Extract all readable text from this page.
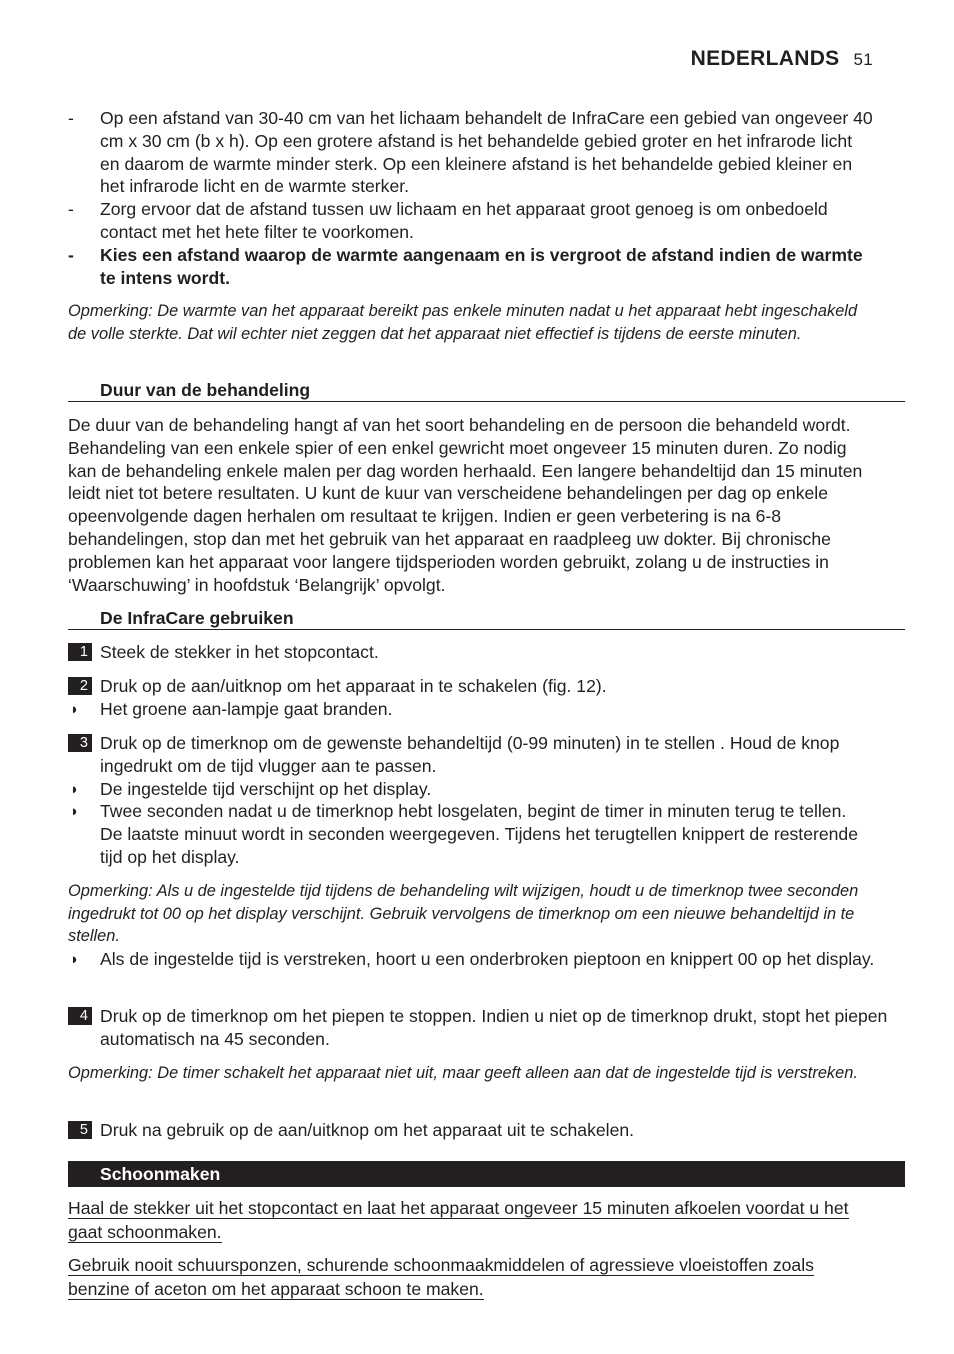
NEDERLANDS 51
- Op een afstand van 30-40 cm van het lichaam behandelt de InfraCare een gebied van ongeveer 40 cm x 30 cm (b x h). Op een grotere afstand is het behandelde gebied groter en het infrarode licht en daarom de warmte minder sterk. Op een kleinere afstand is het behandelde gebied kleiner en het infrarode licht en de warmte sterker.
- Zorg ervoor dat de afstand tussen uw lichaam en het apparaat groot genoeg is om onbedoeld contact met het hete filter te voorkomen.
- Kies een afstand waarop de warmte aangenaam en is vergroot de afstand indien de warmte te intens wordt.
Opmerking: De warmte van het apparaat bereikt pas enkele minuten nadat u het apparaat hebt ingeschakeld de volle sterkte. Dat wil echter niet zeggen dat het apparaat niet effectief is tijdens de eerste minuten.
Duur van de behandeling
De duur van de behandeling hangt af van het soort behandeling en de persoon die behandeld wordt. Behandeling van een enkele spier of een enkel gewricht moet ongeveer 15 minuten duren. Zo nodig kan de behandeling enkele malen per dag worden herhaald. Een langere behandeltijd dan 15 minuten leidt niet tot betere resultaten. U kunt de kuur van verscheidene behandelingen per dag op enkele opeenvolgende dagen herhalen om resultaat te krijgen. Indien er geen verbetering is na 6-8 behandelingen, stop dan met het gebruik van het apparaat en raadpleeg uw dokter. Bij chronische problemen kan het apparaat voor langere tijdsperioden worden gebruikt, zolang u de instructies in ‘Waarschuwing’ in hoofdstuk ‘Belangrijk’ opvolgt.
De InfraCare gebruiken
1 Steek de stekker in het stopcontact.
2 Druk op de aan/uitknop om het apparaat in te schakelen (fig. 12).
◗ Het groene aan-lampje gaat branden.
3 Druk op de timerknop om de gewenste behandeltijd (0-99 minuten) in te stellen . Houd de knop ingedrukt om de tijd vlugger aan te passen.
◗ De ingestelde tijd verschijnt op het display.
◗ Twee seconden nadat u de timerknop hebt losgelaten, begint de timer in minuten terug te tellen. De laatste minuut wordt in seconden weergegeven. Tijdens het terugtellen knippert de resterende tijd op het display.
Opmerking: Als u de ingestelde tijd tijdens de behandeling wilt wijzigen, houdt u de timerknop twee seconden ingedrukt tot 00 op het display verschijnt. Gebruik vervolgens de timerknop om een nieuwe behandeltijd in te stellen.
◗ Als de ingestelde tijd is verstreken, hoort u een onderbroken pieptoon en knippert 00 op het display.
4 Druk op de timerknop om het piepen te stoppen. Indien u niet op de timerknop drukt, stopt het piepen automatisch na 45 seconden.
Opmerking: De timer schakelt het apparaat niet uit, maar geeft alleen aan dat de ingestelde tijd is verstreken.
5 Druk na gebruik op de aan/uitknop om het apparaat uit te schakelen.
Schoonmaken
Haal de stekker uit het stopcontact en laat het apparaat ongeveer 15 minuten afkoelen voordat u het gaat schoonmaken.
Gebruik nooit schuursponzen, schurende schoonmaakmiddelen of agressieve vloeistoffen zoals benzine of aceton om het apparaat schoon te maken.
